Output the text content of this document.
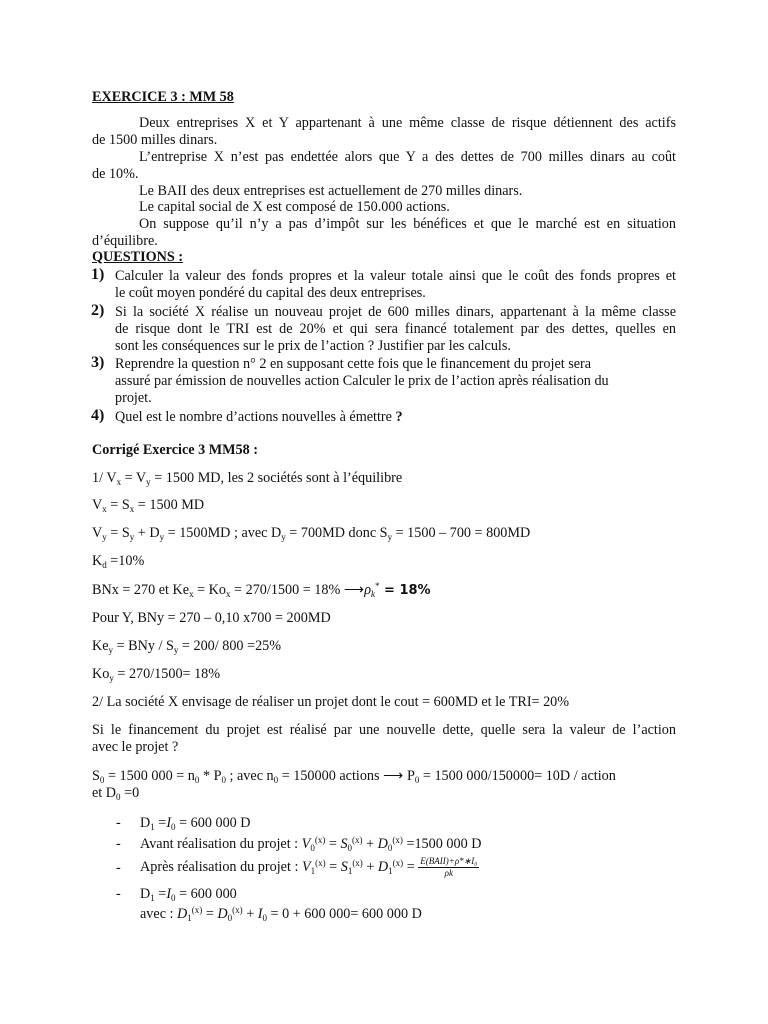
EXERCICE 3 : MM 58
Deux entreprises X et Y appartenant à une même classe de risque détiennent des actifs
de 1500 milles dinars.
L’entreprise X n’est pas endettée alors que Y a des dettes de 700 milles dinars au coût
de 10%.
Le BAII des deux entreprises est actuellement de 270 milles dinars.
Le capital social de X est composé de 150.000 actions.
On suppose qu’il n’y a pas d’impôt sur les bénéfices et que le marché est en situation
d’équilibre.
QUESTIONS :
1) Calculer la valeur des fonds propres et la valeur totale ainsi que le coût des fonds propres et
le coût moyen pondéré du capital des deux entreprises.
2) Si la société X réalise un nouveau projet de 600 milles dinars, appartenant à la même classe
de risque dont le TRI est de 20% et qui sera financé totalement par des dettes, quelles en
sont les conséquences sur le prix de l’action ? Justifier par les calculs.
3) Reprendre la question n° 2 en supposant cette fois que le financement du projet sera
assuré par émission de nouvelles action Calculer le prix de l’action après réalisation du
projet.
4) Quel est le nombre d’actions nouvelles à émettre ?
Corrigé Exercice 3 MM58 :
1/ $V_x = V_y = 1500$ MD, les 2 sociétés sont à l’équilibre
$V_x = S_x = 1500$ MD
$V_y = S_y + D_y = 1500MD$ ; avec $D_y = 700MD$ donc $S_y = 1500 - 700 = 800MD$
$K_d =10\%$
BNx = 270 et $Ke_x = Ko_x = 270/1500 = 18\%$ $⟶\rho_k^* = 18\%$
Pour Y, BNy = 270 – 0,10 x700 = 200MD
$Ke_y$ = BNy / $S_y = 200/$ 800 =25%
$Ko_y = 270/1500= 18\%$
2/ La société X envisage de réaliser un projet dont le cout = 600MD et le TRI= 20%
Si le financement du projet est réalisé par une nouvelle dette, quelle sera la valeur de l’action
avec le projet ?
$S_0 = 1500$ $000 = n_0 * P_0$ ; avec $n_0 = 150000$ actions ⟶ $P_0 = 1500$ 000/150000= 10D / action
et $D_0 =0$
- $D_1 =I_0 = 600$ 000 D
- Avant réalisation du projet : $V_0^{(x)} = S_0^{(x)} + D_0^{(x)} =1500$ 000 D
- Après réalisation du projet : $V_1^{(x)} = S_1^{(x)} + D_1^{(x)} = \frac{\text{E(BAII)+ρ*∗I₀}}{\rho k}$
- $D_1 =I_0 = 600$ 000
avec : $D_1^{(x)} = D_0^{(x)} + I_0 = 0 + 600$ 000= 600 000 D
